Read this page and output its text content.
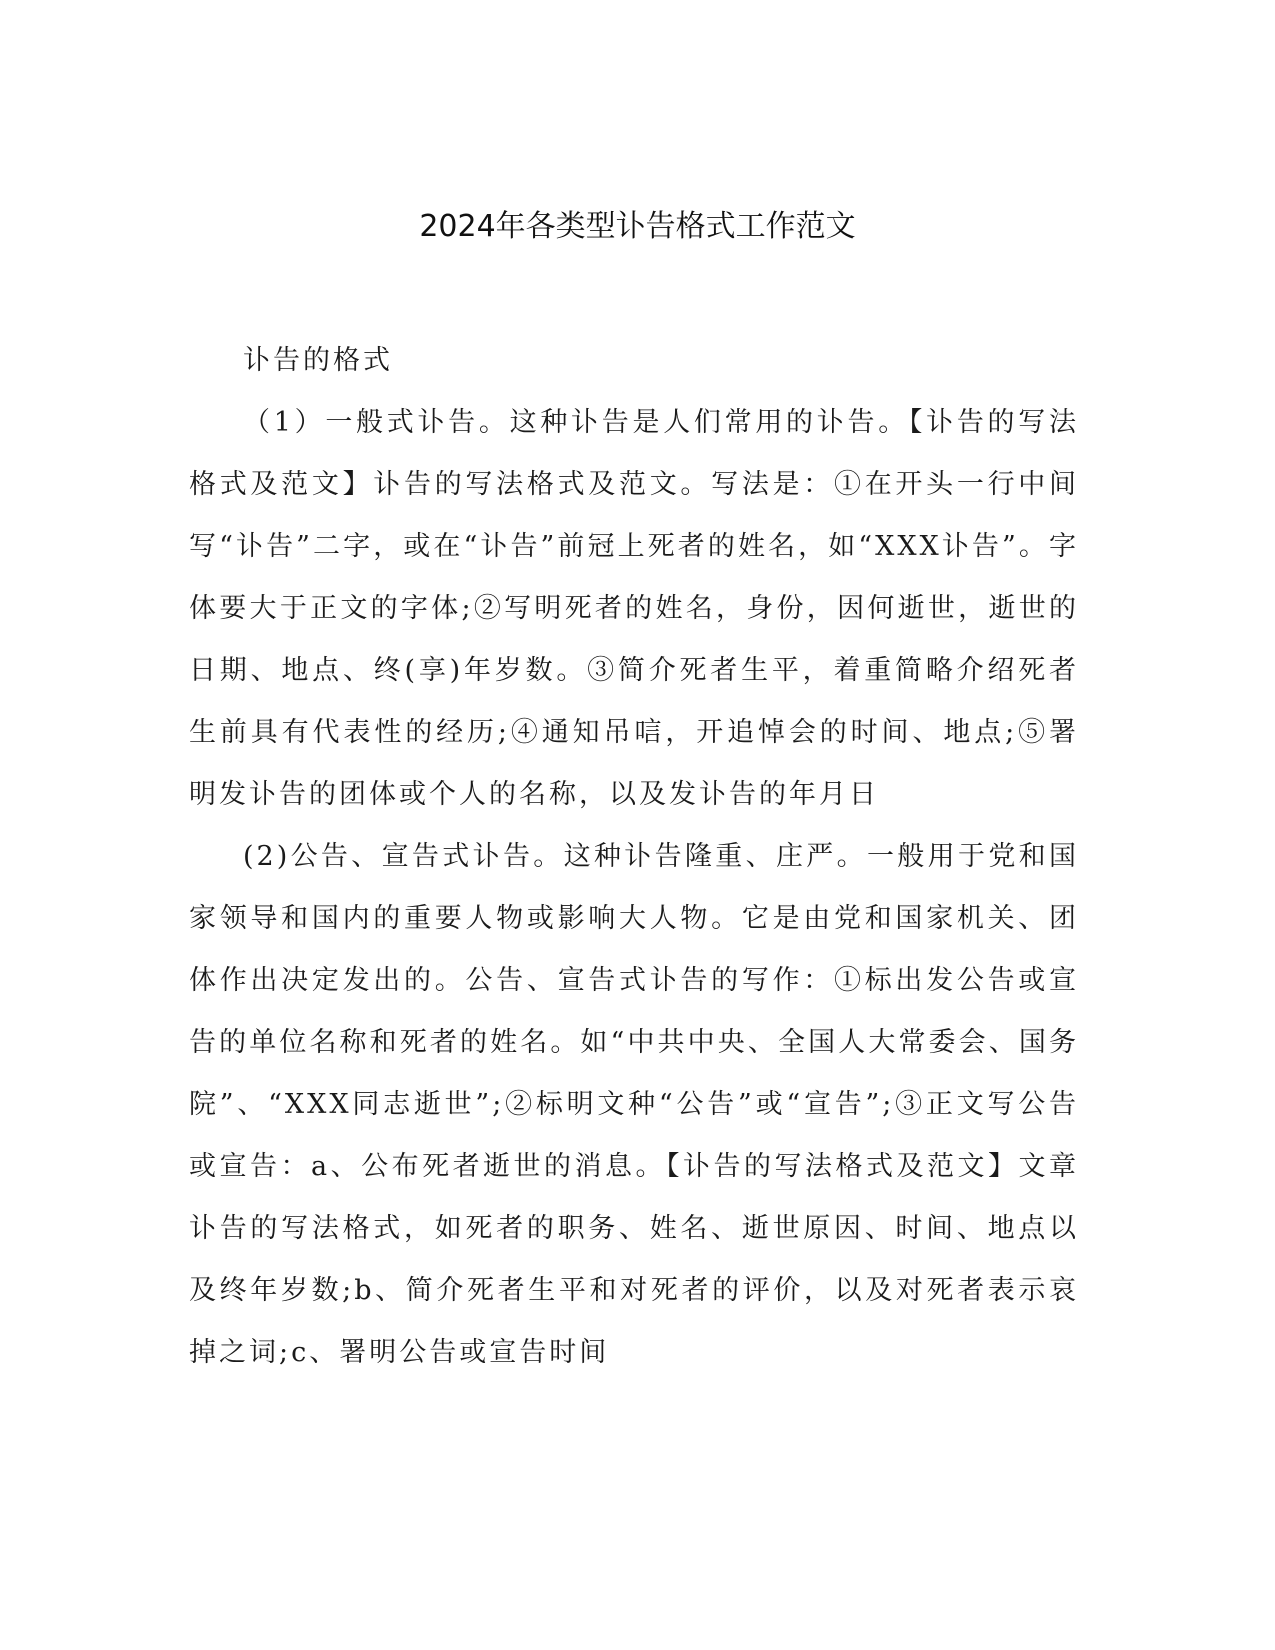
2024年各类型讣告格式工作范文

讣告的格式

（1）一般式讣告。这种讣告是人们常用的讣告。【讣告的写法格式及范文】讣告的写法格式及范文。写法是：①在开头一行中间写“讣告”二字，或在“讣告”前冠上死者的姓名，如“XXX讣告”。字体要大于正文的字体;②写明死者的姓名，身份，因何逝世，逝世的日期、地点、终(享)年岁数。③简介死者生平，着重简略介绍死者生前具有代表性的经历;④通知吊唁，开追悼会的时间、地点;⑤署明发讣告的团体或个人的名称，以及发讣告的年月日

(2)公告、宣告式讣告。这种讣告隆重、庄严。一般用于党和国家领导和国内的重要人物或影响大人物。它是由党和国家机关、团体作出决定发出的。公告、宣告式讣告的写作：①标出发公告或宣告的单位名称和死者的姓名。如“中共中央、全国人大常委会、国务院”、“XXX同志逝世”;②标明文种“公告”或“宣告”;③正文写公告或宣告：a、公布死者逝世的消息。【讣告的写法格式及范文】文章讣告的写法格式，如死者的职务、姓名、逝世原因、时间、地点以及终年岁数;b、简介死者生平和对死者的评价，以及对死者表示哀掉之词;c、署明公告或宣告时间
